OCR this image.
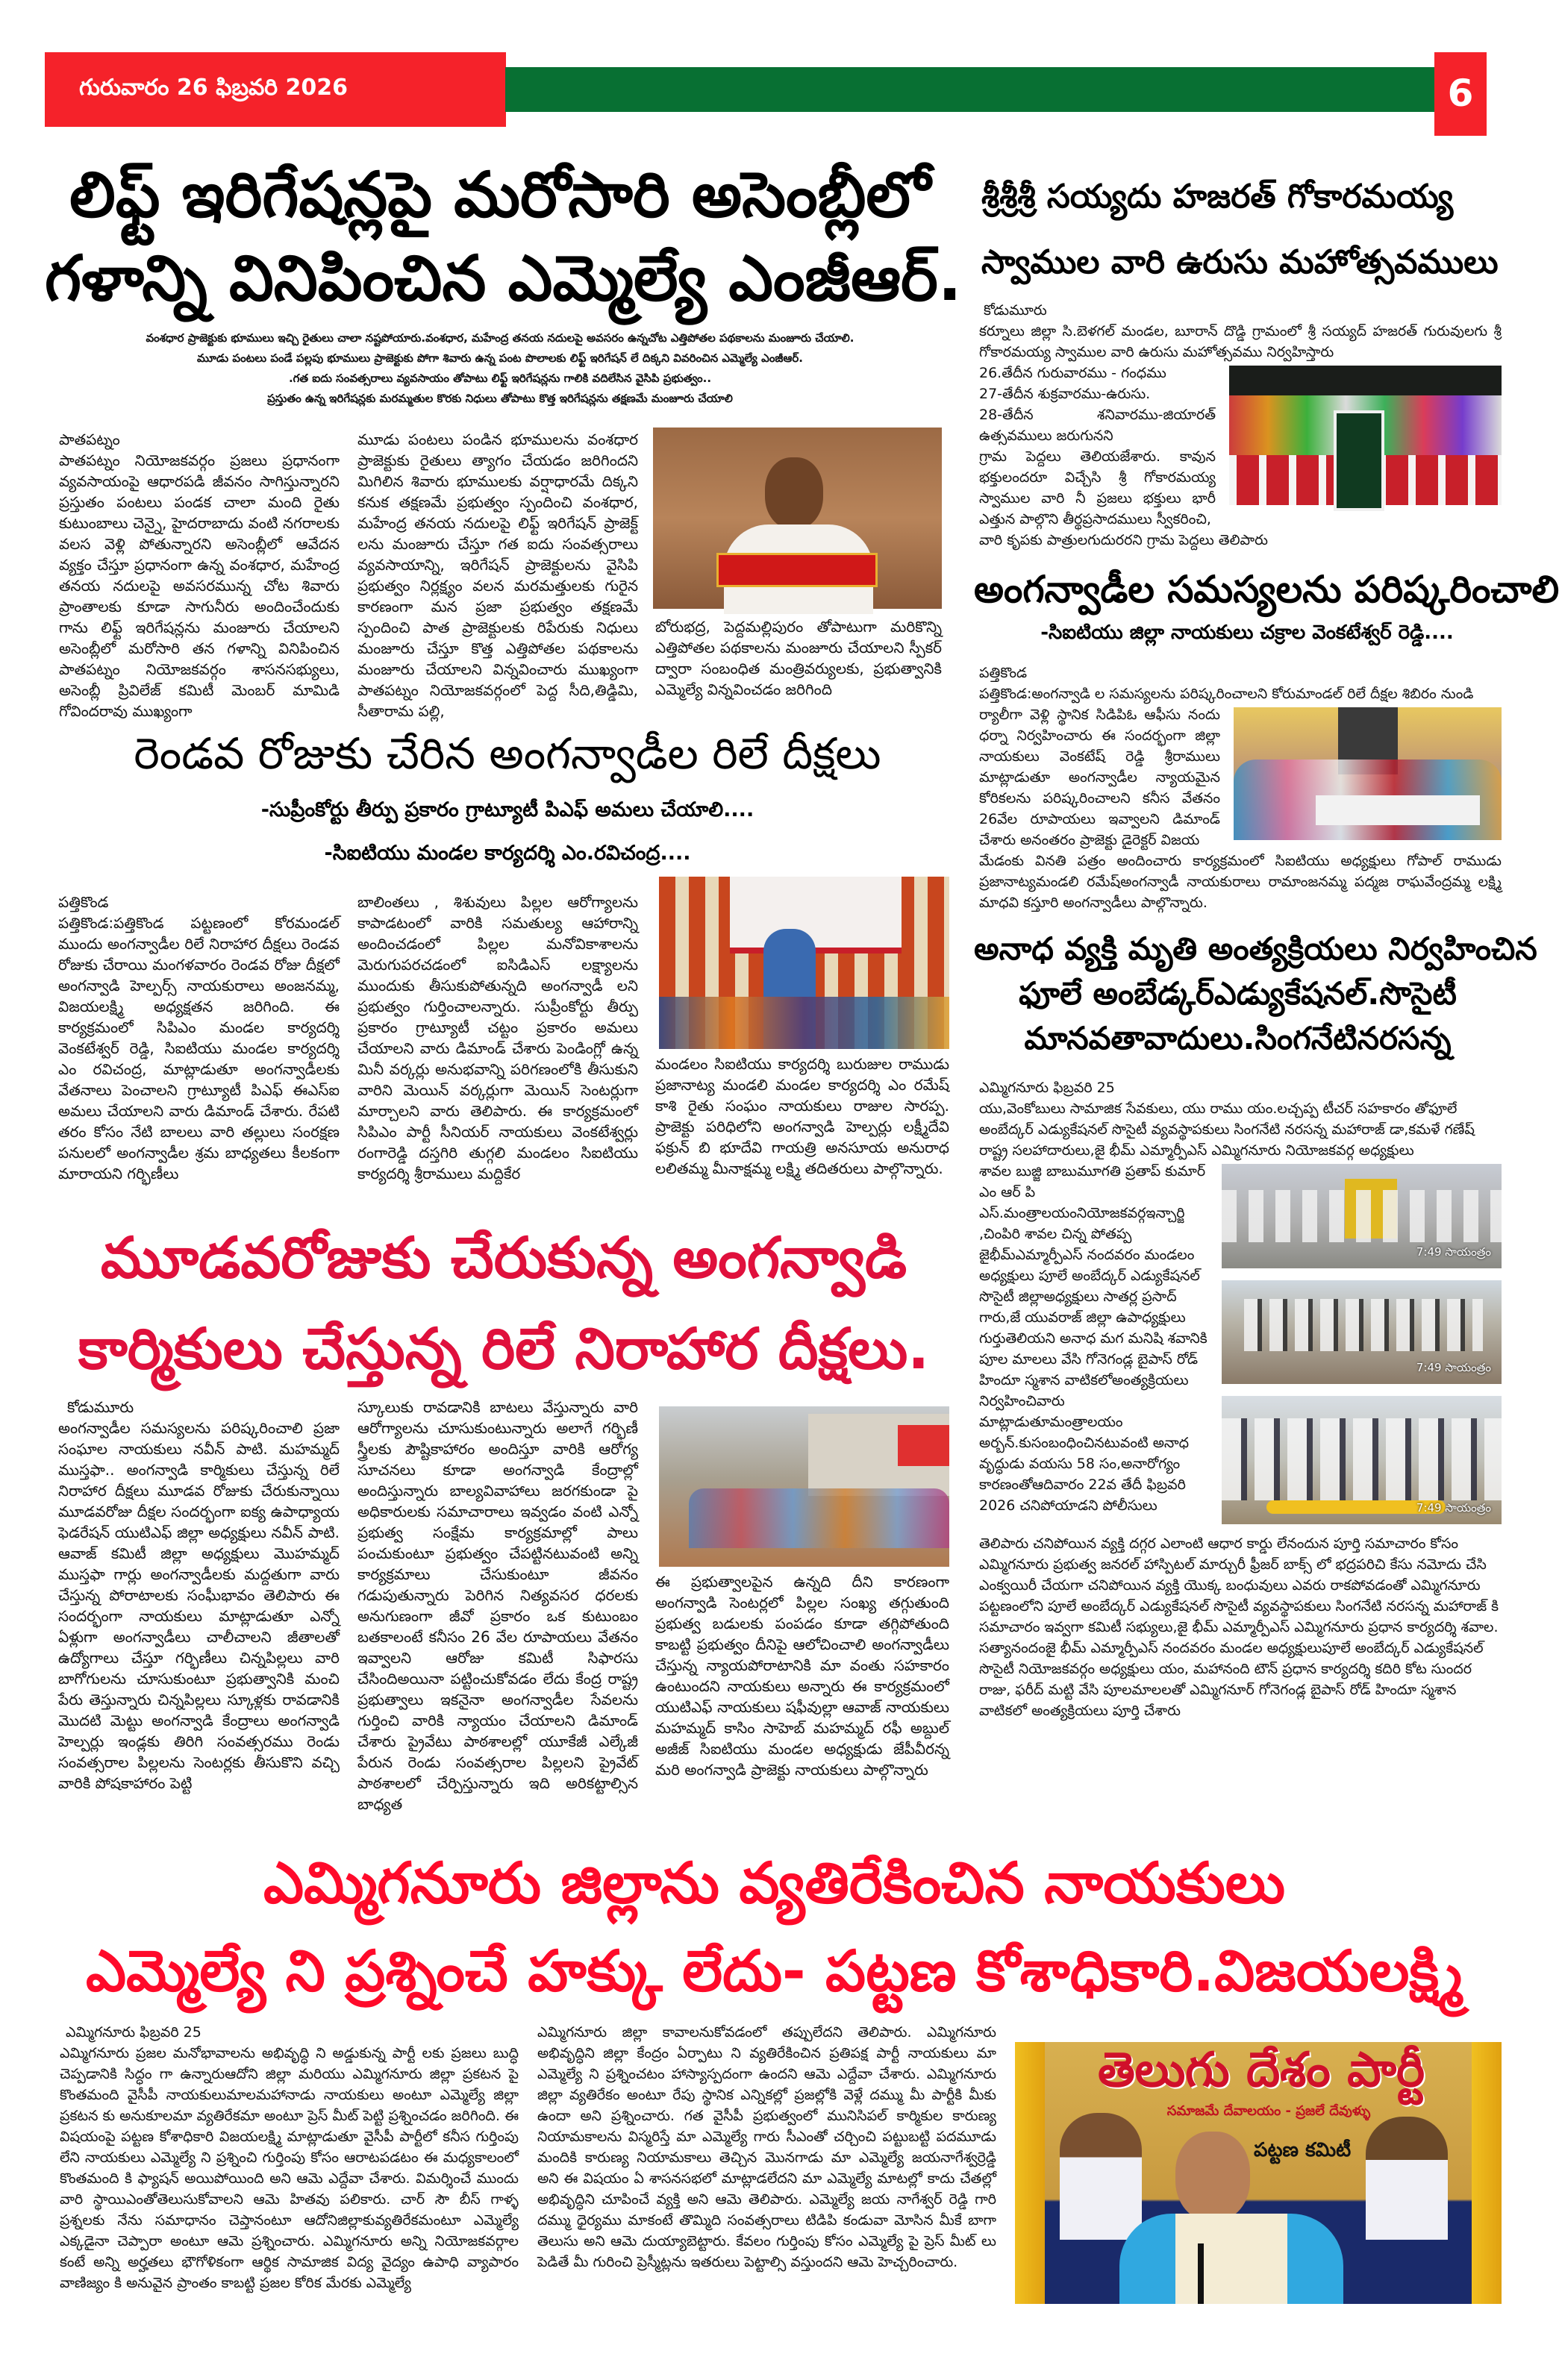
గురువారం 26 ఫిబ్రవరి 2026	6
లిఫ్ట్ ఇరిగేషన్లపై మరోసారి అసెంబ్లీలో
గళాన్ని వినిపించిన ఎమ్మెల్యే ఎంజీఆర్.
వంశధార ప్రాజెక్టుకు భూములు ఇచ్చి రైతులు చాలా నష్టపోయారు.వంశధార, మహేంద్ర తనయ నదులపై అవసరం ఉన్నచోట ఎత్తిపోతల పథకాలను మంజూరు చేయాలి.
మూడు పంటలు పండే పల్లపు భూములు ప్రాజెక్టుకు పోగా శివారు ఉన్న పంట పొలాలకు లిఫ్ట్ ఇరిగేషన్ లే దిక్కని వివరించిన ఎమ్మెల్యే ఎంజీఆర్.
.గత ఐదు సంవత్సరాలు వ్యవసాయం తోపాటు లిఫ్ట్ ఇరిగేషన్లను గాలికి వదిలేసిన వైసిపి ప్రభుత్వం..
ప్రస్తుతం ఉన్న ఇరిగేషన్లకు మరమ్మతుల కొరకు నిధులు తోపాటు కొత్త ఇరిగేషన్లను తక్షణమే మంజూరు చేయాలి
పాతపట్నం

పాతపట్నం నియోజకవర్గం ప్రజలు ప్రధానంగా వ్యవసాయంపై ఆధారపడి జీవనం సాగిస్తున్నారని ప్రస్తుతం పంటలు పండక చాలా మంది రైతు కుటుంబాలు చెన్నై, హైదరాబాదు వంటి నగరాలకు వలస వెళ్లి పోతున్నారని అసెంబ్లీలో ఆవేదన వ్యక్తం చేస్తూ ప్రధానంగా ఉన్న వంశధార, మహేంద్ర తనయ నదులపై అవసరమున్న చోట శివారు ప్రాంతాలకు కూడా సాగునీరు అందించేందుకు గాను లిఫ్ట్ ఇరిగేషన్లను మంజూరు చేయాలని అసెంబ్లీలో మరోసారి తన గళాన్ని వినిపించిన పాతపట్నం నియోజకవర్గం శాసనసభ్యులు, అసెంబ్లీ ప్రివిలేజ్ కమిటీ మెంబర్ మామిడి గోవిందరావు ముఖ్యంగా

మూడు పంటలు పండిన భూములను వంశధార ప్రాజెక్టుకు రైతులు త్యాగం చేయడం జరిగిందని మిగిలిన శివారు భూములకు వర్షాధారమే దిక్కని కనుక తక్షణమే ప్రభుత్వం స్పందించి వంశధార, మహేంద్ర తనయ నదులపై లిఫ్ట్ ఇరిగేషన్ ప్రాజెక్ట్ లను మంజూరు చేస్తూ గత ఐదు సంవత్సరాలు వ్యవసాయాన్ని, ఇరిగేషన్ ప్రాజెక్టులను వైసిపి ప్రభుత్వం నిర్లక్ష్యం వలన మరమత్తులకు గురైన కారణంగా మన ప్రజా ప్రభుత్వం తక్షణమే స్పందించి పాత ప్రాజెక్టులకు రిపేరుకు నిధులు మంజూరు చేస్తూ కొత్త ఎత్తిపోతల పథకాలను మంజూరు చేయాలని విన్నవించారు ముఖ్యంగా పాతపట్నం నియోజకవర్గంలో పెద్ద సీది,తిడ్డిమి, సీతారామ పల్లి,

బోరుభద్ర, పెద్దమల్లిపురం తోపాటుగా మరికొన్ని ఎత్తిపోతల పథకాలను మంజూరు చేయాలని స్పీకర్ ద్వారా సంబంధిత మంత్రివర్యులకు, ప్రభుత్వానికి ఎమ్మెల్యే విన్నవించడం జరిగింది

రెండవ రోజుకు చేరిన అంగన్వాడీల రిలే దీక్షలు
-సుప్రీంకోర్టు తీర్పు ప్రకారం గ్రాట్యూటీ పిఎఫ్ అమలు చేయాలి....
-సిఐటియు మండల కార్యదర్శి ఎం.రవిచంద్ర....
పత్తికొండ

పత్తికొండ:పత్తికొండ పట్టణంలో కోరమండల్ ముందు అంగన్వాడీల రిలే నిరాహార దీక్షలు రెండవ రోజుకు చేరాయి మంగళవారం రెండవ రోజు దీక్షలో అంగన్వాడి హెల్పర్స్ నాయకురాలు అంజనమ్మ, విజయలక్ష్మి అధ్యక్షతన జరిగింది. ఈ కార్యక్రమంలో సిపిఎం మండల కార్యదర్శి వెంకటేశ్వర్ రెడ్డి, సిఐటియు మండల కార్యదర్శి ఎం రవిచంద్ర, మాట్లాడుతూ అంగన్వాడీలకు వేతనాలు పెంచాలని గ్రాట్యూటీ పిఎఫ్ ఈఎస్ఐ అమలు చేయాలని వారు డిమాండ్ చేశారు. రేపటి తరం కోసం నేటి బాలలు వారి తల్లులు సంరక్షణ పనులలో అంగన్వాడీల శ్రమ బాధ్యతలు కీలకంగా మారాయని గర్భిణీలు

బాలింతలు , శిశువులు పిల్లల ఆరోగ్యాలను కాపాడటంలో వారికి సమతుల్య ఆహారాన్ని అందించడంలో పిల్లల మనోవికాశాలను మెరుగుపరచడంలో ఐసిడిఎస్ లక్ష్యాలను ముందుకు తీసుకుపోతున్నది అంగన్వాడీ లని ప్రభుత్వం గుర్తించాలన్నారు. సుప్రీంకోర్టు తీర్పు ప్రకారం గ్రాట్యూటీ చట్టం ప్రకారం అమలు చేయాలని వారు డిమాండ్ చేశారు పెండింగ్లో ఉన్న మినీ వర్కర్లు అనుభవాన్ని పరిగణంలోకి తీసుకుని వారిని మెయిన్ వర్కర్లుగా మెయిన్ సెంటర్లుగా మార్చాలని వారు తెలిపారు. ఈ కార్యక్రమంలో సిపిఎం పార్టీ సీనియర్ నాయకులు వెంకటేశ్వర్లు రంగారెడ్డి దస్తగిరి తుగ్గలి మండలం సిఐటియు కార్యదర్శి శ్రీరాములు మద్దికేర

మండలం సిఐటియు కార్యదర్శి బురుజుల రాముడు ప్రజానాట్య మండలి మండల కార్యదర్శి ఎం రమేష్ కాశి రైతు సంఘం నాయకులు రాజుల సారప్ప. ప్రాజెక్టు పరిధిలోని అంగన్వాడి హెల్పర్లు లక్ష్మీదేవి ఫక్రున్ బి భూదేవి గాయత్రి అనసూయ అనురాధ లలితమ్మ మీనాక్షమ్మ లక్ష్మి తదితరులు పాల్గొన్నారు.

మూడవరోజుకు చేరుకున్న అంగన్వాడి
కార్మికులు చేస్తున్న రిలే నిరాహార దీక్షలు.
కోడుమూరు

అంగన్వాడీల సమస్యలను పరిష్కరించాలి ప్రజా సంఘాల నాయకులు నవీన్ పాటి. మహమ్మద్ ముస్తఫా.. అంగన్వాడి కార్మికులు చేస్తున్న రిలే నిరాహార దీక్షలు మూడవ రోజుకు చేరుకున్నాయి మూడవరోజు దీక్షల సందర్భంగా ఐక్య ఉపాధ్యాయ ఫెడరేషన్ యుటిఎఫ్ జిల్లా అధ్యక్షులు నవీన్ పాటి. ఆవాజ్ కమిటీ జిల్లా అధ్యక్షులు మొహమ్మద్ ముస్తఫా గార్లు అంగన్వాడీలకు మద్దతుగా వారు చేస్తున్న పోరాటాలకు సంఘీభావం తెలిపారు ఈ సందర్భంగా నాయకులు మాట్లాడుతూ ఎన్నో ఏళ్లుగా అంగన్వాడీలు చాలీచాలని జీతాలతో ఉద్యోగాలు చేస్తూ గర్భిణీలు చిన్నపిల్లలు వారి బాగోగులను చూసుకుంటూ ప్రభుత్వానికి మంచి పేరు తెస్తున్నారు చిన్నపిల్లలు స్కూళ్లకు రావడానికి మొదటి మెట్టు అంగన్వాడి కేంద్రాలు అంగన్వాడి హెల్పర్లు ఇండ్లకు తిరిగి సంవత్సరము రెండు సంవత్సరాల పిల్లలను సెంటర్లకు తీసుకొని వచ్చి వారికి పోషకాహారం పెట్టి

స్కూలుకు రావడానికి బాటలు వేస్తున్నారు వారి ఆరోగ్యాలను చూసుకుంటున్నారు అలాగే గర్భిణీ స్త్రీలకు పౌష్టికాహారం అందిస్తూ వారికి ఆరోగ్య సూచనలు కూడా అంగన్వాడి కేంద్రాల్లో అందిస్తున్నారు బాల్యవివాహాలు జరగకుండా పై అధికారులకు సమాచారాలు ఇవ్వడం వంటి ఎన్నో ప్రభుత్వ సంక్షేమ కార్యక్రమాల్లో పాలు పంచుకుంటూ ప్రభుత్వం చేపట్టినటువంటి అన్ని కార్యక్రమాలు చేసుకుంటూ జీవనం గడుపుతున్నారు పెరిగిన నిత్యవసర ధరలకు అనుగుణంగా జీవో ప్రకారం ఒక కుటుంబం బతకాలంటే కనీసం 26 వేల రూపాయలు వేతనం ఇవ్వాలని ఆరోజు కమిటీ సిఫారసు చేసిందిఅయినా పట్టించుకోవడం లేదు కేంద్ర రాష్ట్ర ప్రభుత్వాలు ఇకనైనా అంగన్వాడీల సేవలను గుర్తించి వారికి న్యాయం చేయాలని డిమాండ్ చేశారు ప్రైవేటు పాఠశాలల్లో యూకేజీ ఎల్కేజీ పేరున రెండు సంవత్సరాల పిల్లలని ప్రైవేట్ పాఠశాలలో చేర్పిస్తున్నారు ఇది అరికట్టాల్సిన బాధ్యత

ఈ ప్రభుత్వాలపైన ఉన్నది దీని కారణంగా అంగన్వాడి సెంటర్లలో పిల్లల సంఖ్య తగ్గుతుంది ప్రభుత్వ బడులకు పంపడం కూడా తగ్గిపోతుంది కాబట్టి ప్రభుత్వం దీనిపై ఆలోచించాలి అంగన్వాడీలు చేస్తున్న న్యాయపోరాటానికి మా వంతు సహకారం ఉంటుందని నాయకులు అన్నారు ఈ కార్యక్రమంలో యుటిఎఫ్ నాయకులు షఫీవుల్లా ఆవాజ్ నాయకులు మహమ్మద్ కాసిం సాహెబ్ మహమ్మద్ రఫీ అబ్దుల్ అజీజ్ సిఐటియు మండల అధ్యక్షుడు జేపీవీరన్న మరి అంగన్వాడి ప్రాజెక్టు నాయకులు పాల్గొన్నారు

శ్రీశ్రీశ్రీ సయ్యదు హజరత్ గోకారమయ్య
స్వాముల వారి ఉరుసు మహోత్సవములు
కోడుమూరు
కర్నూలు జిల్లా సి.బెళగల్ మండల, బూరాన్ దొడ్డి గ్రామంలో శ్రీ సయ్యద్ హజరత్ గురువులగు శ్రీ గోకారమయ్య స్వాముల వారి ఉరుసు మహోత్సవము నిర్వహిస్తారు
26.తేదీన గురువారము - గంధము
27-తేదీన శుక్రవారము-ఉరుసు.
28-తేదీన శనివారము-జియారత్ ఉత్సవములు జరుగునని
గ్రామ పెద్దలు తెలియజేశారు. కావున భక్తులందరూ విచ్చేసి శ్రీ గోకారమయ్య స్వాముల వారి నీ ప్రజలు భక్తులు భారీ ఎత్తున పాల్గొని తీర్థప్రసాదములు స్వీకరించి,
వారి కృపకు పాత్రులగుదురరని గ్రామ పెద్దలు తెలిపారు
అంగన్వాడీల సమస్యలను పరిష్కరించాలి
-సిఐటియు జిల్లా నాయకులు చక్రాల వెంకటేశ్వర్ రెడ్డి....
పత్తికొండ
పత్తికొండ:అంగన్వాడి ల సమస్యలను పరిష్కరించాలని కోరుమాండల్ రిలే దీక్షల శిబిరం నుండి
ర్యాలీగా వెళ్లి స్థానిక సిడిపిఓ ఆఫీసు నందు ధర్నా నిర్వహించారు ఈ సందర్భంగా జిల్లా నాయకులు వెంకటేష్ రెడ్డి శ్రీరాములు మాట్లాడుతూ అంగన్వాడీల న్యాయమైన కోరికలను పరిష్కరించాలని కనీస వేతనం 26వేల రూపాయలు ఇవ్వాలని డిమాండ్ చేశారు అనంతరం ప్రాజెక్టు డైరెక్టర్ విజయ
మేడంకు వినతి పత్రం అందించారు కార్యక్రమంలో సిఐటియు అధ్యక్షులు గోపాల్ రాముడు ప్రజానాట్యమండలి రమేష్అంగన్వాడీ నాయకురాలు రామాంజనమ్మ పద్మజ రాఘవేంద్రమ్మ లక్ష్మి మాధవి కస్తూరి అంగన్వాడీలు పాల్గొన్నారు.
అనాధ వ్యక్తి మృతి అంత్యక్రియలు నిర్వహించిన
ఫూలే అంబేడ్కర్ఎడ్యుకేషనల్.సొసైటీ
మానవతావాదులు.సింగనేటినరసన్న
ఎమ్మిగనూరు ఫిబ్రవరి 25
యు,వెంకోబులు సామాజిక సేవకులు, యు రాము యం.లచ్చప్ప టీచర్ సహకారం తోఫూలే అంబేద్కర్ ఎడ్యుకేషనల్ సొసైటీ వ్యవస్థాపకులు సింగనేటి నరసన్న మహారాజ్ డా,కమళే గణేష్ రాష్ట్ర సలహాదారులు,జై భీమ్ ఎమ్మార్పీఎస్ ఎమ్మిగనూరు నియోజకవర్గ అధ్యక్షులు
7:49 సాయంత్రం
7:49 సాయంత్రం
7:49 సాయంత్రం
శావల బుజ్జి బాబుమూగతి ప్రతాప్ కుమార్ ఎం ఆర్ పి ఎస్.మంత్రాలయంనియోజకవర్గఇన్చార్జి ,చింపిరి శావల చిన్న పోతప్ప జైభీమ్ఎమ్మార్పీఎస్ నందవరం మండలం అధ్యక్షులు పూలే అంబేద్కర్ ఎడ్యుకేషనల్ సొసైటీ జిల్లాఅధ్యక్షులు సాతర్ల ప్రసాద్ గారు,జే యువరాజ్ జిల్లా ఉపాధ్యక్షులు గుర్తుతెలియని అనాధ మగ మనిషి శవానికి పూల మాలలు వేసి గోనెగండ్ల బైపాస్ రోడ్ హిందూ స్మశాన వాటికలోఅంత్యక్రియలు నిర్వహించివారు మాట్లాడుతూమంత్రాలయం అర్బన్.కుసంబంధించినటువంటి అనాధ వృద్ధుడు వయసు 58 సం,అనారోగ్యం కారణంతోఆదివారం 22వ తేదీ ఫిబ్రవరి 2026 చనిపోయాడని పోలీసులు
తెలిపారు చనిపోయిన వ్యక్తి దగ్గర ఎలాంటి ఆధార కార్డు లేనందున పూర్తి సమాచారం కోసం ఎమ్మిగనూరు ప్రభుత్వ జనరల్ హాస్పిటల్ మార్చురీ ఫ్రీజర్ బాక్స్ లో భద్రపరిచి కేసు నమోదు చేసి ఎంక్వయిరీ చేయగా చనిపోయిన వ్యక్తి యొక్క బంధువులు ఎవరు రాకపోవడంతో ఎమ్మిగనూరు పట్టణంలోని పూలే అంబేద్కర్ ఎడ్యుకేషనల్ సొసైటీ వ్యవస్థాపకులు సింగనేటి నరసన్న మహారాజ్ కి సమాచారం ఇవ్వగా కమిటీ సభ్యులు,జై భీమ్ ఎమ్మార్పీఎస్ ఎమ్మిగనూరు ప్రధాన కార్యదర్శి శవాల. సత్యానందంజై భీమ్ ఎమ్మార్పీఎస్ నందవరం మండల అధ్యక్షులుపూలే అంబేద్కర్ ఎడ్యుకేషనల్ సొసైటీ నియోజకవర్గం అధ్యక్షులు యం, మహానంది టౌన్ ప్రధాన కార్యదర్శి కదిరి కోట సుందర రాజు, ఫరీద్ మట్టి వేసి పూలమాలలతో ఎమ్మిగనూర్ గోనెగండ్ల బైపాస్ రోడ్ హిందూ స్మశాన వాటికలో అంత్యక్రియలు పూర్తి చేశారు
ఎమ్మిగనూరు జిల్లాను వ్యతిరేకించిన నాయకులు
ఎమ్మెల్యే ని ప్రశ్నించే హక్కు లేదు- పట్టణ కోశాధికారి.విజయలక్ష్మి
ఎమ్మిగనూరు ఫిబ్రవరి 25

ఎమ్మిగనూరు ప్రజల మనోభావాలను అభివృద్ధి ని అడ్డుకున్న పార్టీ లకు ప్రజలు బుద్ధి చెప్పడానికి సిద్ధం గా ఉన్నారుఆదోని జిల్లా మరియు ఎమ్మిగనూరు జిల్లా ప్రకటన పై కొంతమంది వైసీపీ నాయకులుమాలమహానాడు నాయకులు అంటూ ఎమ్మెల్యే జిల్లా ప్రకటన కు అనుకూలమా వ్యతిరేకమా అంటూ ప్రెస్ మీట్ పెట్టి ప్రశ్నించడం జరిగింది. ఈ విషయంపై పట్టణ కోశాధికారి విజయలక్ష్మి మాట్లాడుతూ వైసీపీ పార్టీలో కనీస గుర్తింపు లేని నాయకులు ఎమ్మెల్యే ని ప్రశ్నించి గుర్తింపు కోసం ఆరాటపడటం ఈ మధ్యకాలంలో కొంతమంది కి ఫ్యాషన్ అయిపోయింది అని ఆమె ఎద్దేవా చేశారు. విమర్శించే ముందు వారి స్థాయిఎంతోతెలుసుకోవాలని ఆమె హితవు పలికారు. చార్ సౌ బీస్ గాళ్ళ ప్రశ్నలకు నేను సమాధానం చెప్తానంటూ ఆదోనిజిల్లాకువ్యతిరేకమంటూ ఎమ్మెల్యే ఎక్కడైనా చెప్పారా అంటూ ఆమె ప్రశ్నించారు. ఎమ్మిగనూరు అన్ని నియోజకవర్గాల కంటే అన్ని అర్హతలు భౌగోళికంగా ఆర్థిక సామాజిక విద్య వైద్యం ఉపాధి వ్యాపారం వాణిజ్యం కి అనువైన ప్రాంతం కాబట్టి ప్రజల కోరిక మేరకు ఎమ్మెల్యే

ఎమ్మిగనూరు జిల్లా కావాలనుకోవడంలో తప్పులేదని తెలిపారు. ఎమ్మిగనూరు అభివృద్ధిని జిల్లా కేంద్రం ఏర్పాటు ని వ్యతిరేకించిన ప్రతిపక్ష పార్టీ నాయకులు మా ఎమ్మెల్యే ని ప్రశ్నించటం హాస్యాస్పదంగా ఉందని ఆమె ఎద్దేవా చేశారు. ఎమ్మిగనూరు జిల్లా వ్యతిరేకం అంటూ రేపు స్థానిక ఎన్నికల్లో ప్రజల్లోకి వెళ్లే దమ్ము మీ పార్టీకి మీకు ఉందా అని ప్రశ్నించారు. గత వైసీపీ ప్రభుత్వంలో మునిసిపల్ కార్మికుల కారుణ్య నియామకాలను విస్మరిస్తే మా ఎమ్మెల్యే గారు సీఎంతో చర్చించి పట్టుబట్టి పదమూడు మందికి కారుణ్య నియామకాలు తెచ్చిన మొనగాడు మా ఎమ్మెల్యే జయనాగేశ్వర్రెడ్డి అని ఈ విషయం ఏ శాసనసభలో మాట్లాడలేదని మా ఎమ్మెల్యే మాటల్లో కాదు చేతల్లో అభివృద్ధిని చూపించే వ్యక్తి అని ఆమె తెలిపారు. ఎమ్మెల్యే జయ నాగేశ్వర్ రెడ్డి గారి దమ్ము ధైర్యము మాకంటే తొమ్మిది సంవత్సరాలు టిడిపి కండువా మోసిన మీకే బాగా తెలుసు అని ఆమె దుయ్యాబెట్టారు. కేవలం గుర్తింపు కోసం ఎమ్మెల్యే పై ప్రెస్ మీట్ లు పెడితే మీ గురించి ప్రెస్మీట్లను ఇతరులు పెట్టాల్సి వస్తుందని ఆమె హెచ్చరించారు.

తెలుగు దేశం పార్టీ
సమాజమే దేవాలయం - ప్రజలే దేవుళ్ళు
పట్టణ కమిటీ
